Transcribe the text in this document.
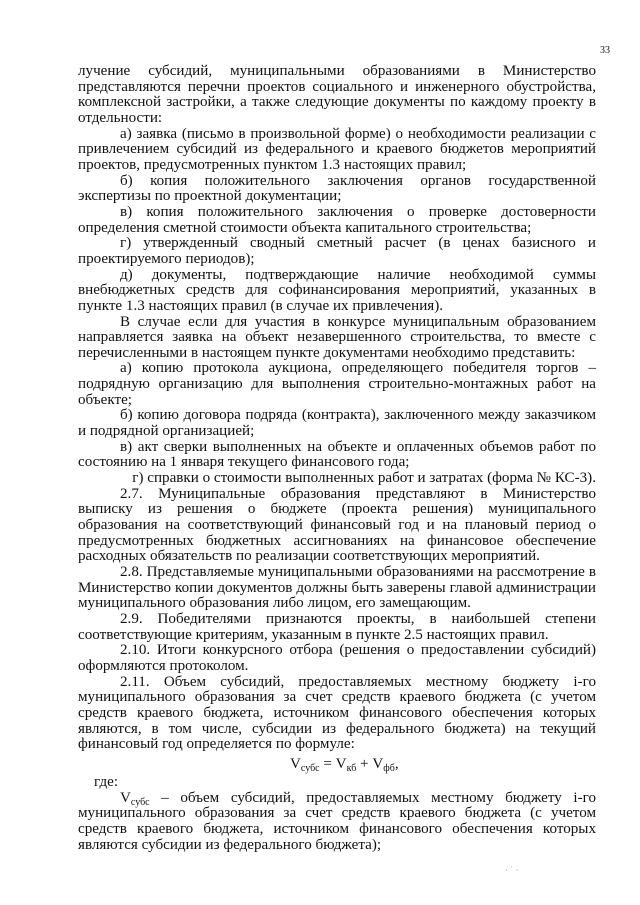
33

лучение субсидий, муниципальными образованиями в Министерство представляются перечни проектов социального и инженерного обустройства, комплексной застройки, а также следующие документы по каждому проекту в отдельности:

а) заявка (письмо в произвольной форме) о необходимости реализации с привлечением субсидий из федерального и краевого бюджетов мероприятий проектов, предусмотренных пунктом 1.3 настоящих правил;

б) копия положительного заключения органов государственной экспертизы по проектной документации;

в) копия положительного заключения о проверке достоверности определения сметной стоимости объекта капитального строительства;

г) утвержденный сводный сметный расчет (в ценах базисного и проектируемого периодов);

д) документы, подтверждающие наличие необходимой суммы внебюджетных средств для софинансирования мероприятий, указанных в пункте 1.3 настоящих правил (в случае их привлечения).

В случае если для участия в конкурсе муниципальным образованием направляется заявка на объект незавершенного строительства, то вместе с перечисленными в настоящем пункте документами необходимо представить:

а) копию протокола аукциона, определяющего победителя торгов – подрядную организацию для выполнения строительно-монтажных работ на объекте;

б) копию договора подряда (контракта), заключенного между заказчиком и подрядной организацией;

в) акт сверки выполненных на объекте и оплаченных объемов работ по состоянию на 1 января текущего финансового года;

г) справки о стоимости выполненных работ и затратах (форма № КС-3).

2.7. Муниципальные образования представляют в Министерство выписку из решения о бюджете (проекта решения) муниципального образования на соответствующий финансовый год и на плановый период о предусмотренных бюджетных ассигнованиях на финансовое обеспечение расходных обязательств по реализации соответствующих мероприятий.

2.8. Представляемые муниципальными образованиями на рассмотрение в Министерство копии документов должны быть заверены главой администрации муниципального образования либо лицом, его замещающим.

2.9. Победителями признаются проекты, в наибольшей степени соответствующие критериям, указанным в пункте 2.5 настоящих правил.

2.10. Итоги конкурсного отбора (решения о предоставлении субсидий) оформляются протоколом.

2.11. Объем субсидий, предоставляемых местному бюджету i-го муниципального образования за счет средств краевого бюджета (с учетом средств краевого бюджета, источником финансового обеспечения которых являются, в том числе, субсидии из федерального бюджета) на текущий финансовый год определяется по формуле:

$V_{субс} = V_{кб} + V_{фб}$,

где:

$V_{субс}$ – объем субсидий, предоставляемых местному бюджету i-го муниципального образования за счет средств краевого бюджета (с учетом средств краевого бюджета, источником финансового обеспечения которых являются субсидии из федерального бюджета);

· ˙ ·
